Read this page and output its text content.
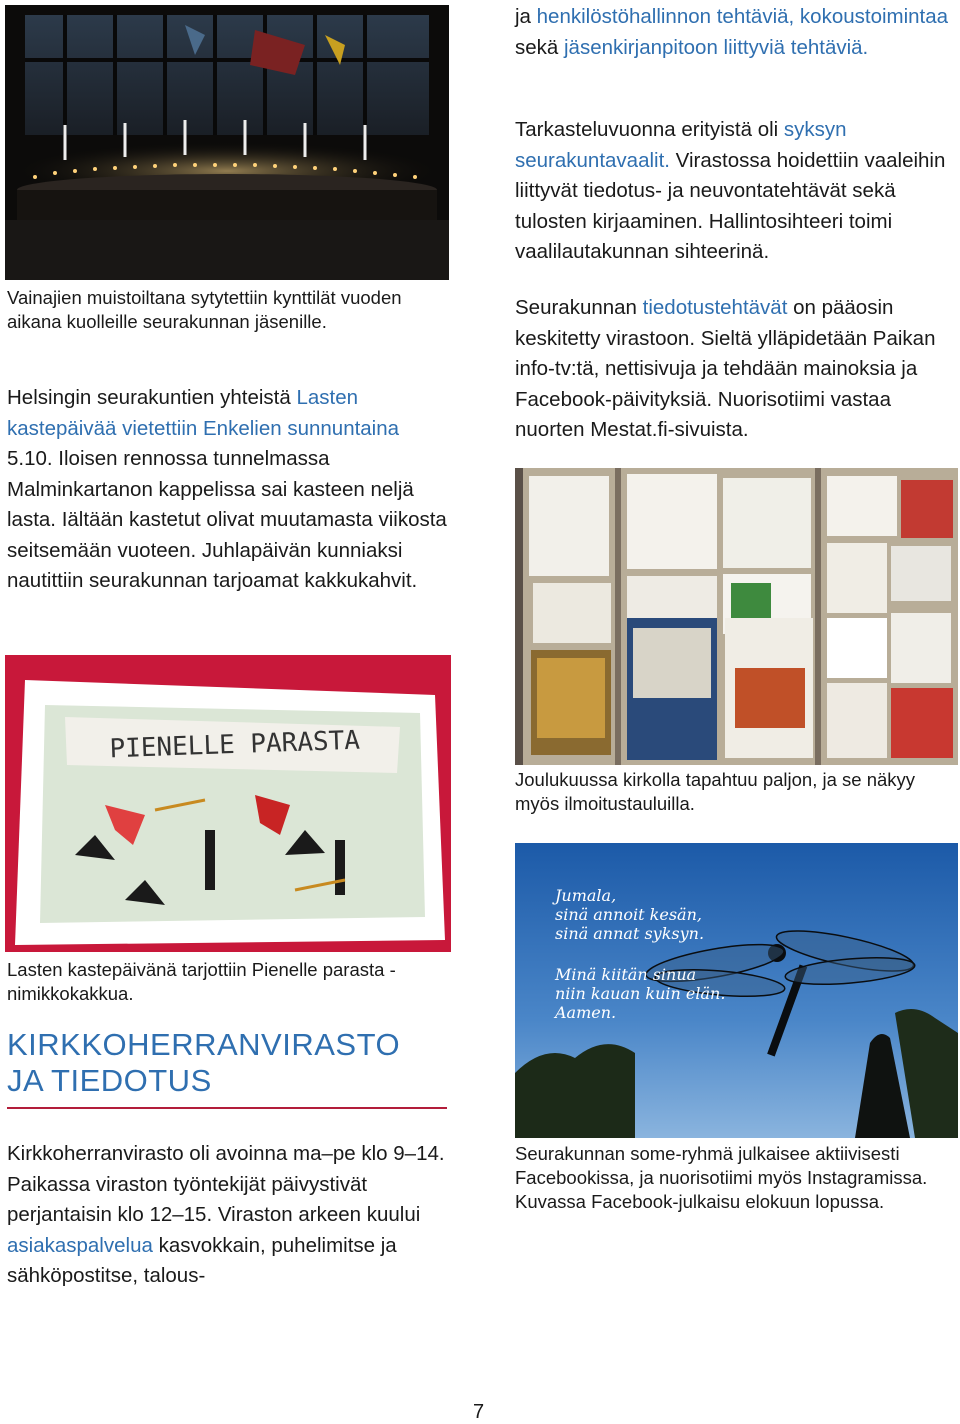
Vainajien muistoiltana sytytettiin kynttilät vuoden aikana kuolleille seurakunnan jäsenille.
Helsingin seurakuntien yhteistä Lasten kastepäivää vietettiin Enkelien sunnuntaina 5.10. Iloisen rennossa tunnelmassa Malminkartanon kappelissa sai kasteen neljä lasta. Iältään kastetut olivat muutamasta viikosta seitsemään vuoteen. Juhlapäivän kunniaksi nautittiin seurakunnan tarjoamat kakkukahvit.
PIENELLE PARASTA
Lasten kastepäivänä tarjottiin Pienelle parasta -nimikkokakkua.
KIRKKOHERRANVIRASTO
JA TIEDOTUS
Kirkkoherranvirasto oli avoinna ma–pe klo 9–14. Paikassa viraston työntekijät päivystivät perjantaisin klo 12–15. Viraston arkeen kuului asiakaspalvelua kasvokkain, puhelimitse ja sähköpostitse, talous-
ja henkilöstöhallinnon tehtäviä, kokoustoimintaa sekä jäsenkirjanpitoon liittyviä tehtäviä.
Tarkasteluvuonna erityistä oli syksyn seurakuntavaalit. Virastossa hoidettiin vaaleihin liittyvät tiedotus- ja neuvontatehtävät sekä tulosten kirjaaminen. Hallintosihteeri toimi vaalilautakunnan sihteerinä.
Seurakunnan tiedotustehtävät on pääosin keskitetty virastoon. Sieltä ylläpidetään Paikan info-tv:tä, nettisivuja ja tehdään mainoksia ja Facebook-päivityksiä. Nuorisotiimi vastaa nuorten Mestat.fi-sivuista.
Joulukuussa kirkolla tapahtuu paljon, ja se näkyy myös ilmoitustauluilla.
Jumala,
sinä annoit kesän,
sinä annat syksyn.
Minä kiitän sinua
niin kauan kuin elän.
Aamen.
Seurakunnan some-ryhmä julkaisee aktiivisesti Facebookissa, ja nuorisotiimi myös Instagramissa. Kuvassa Facebook-julkaisu elokuun lopussa.
7
